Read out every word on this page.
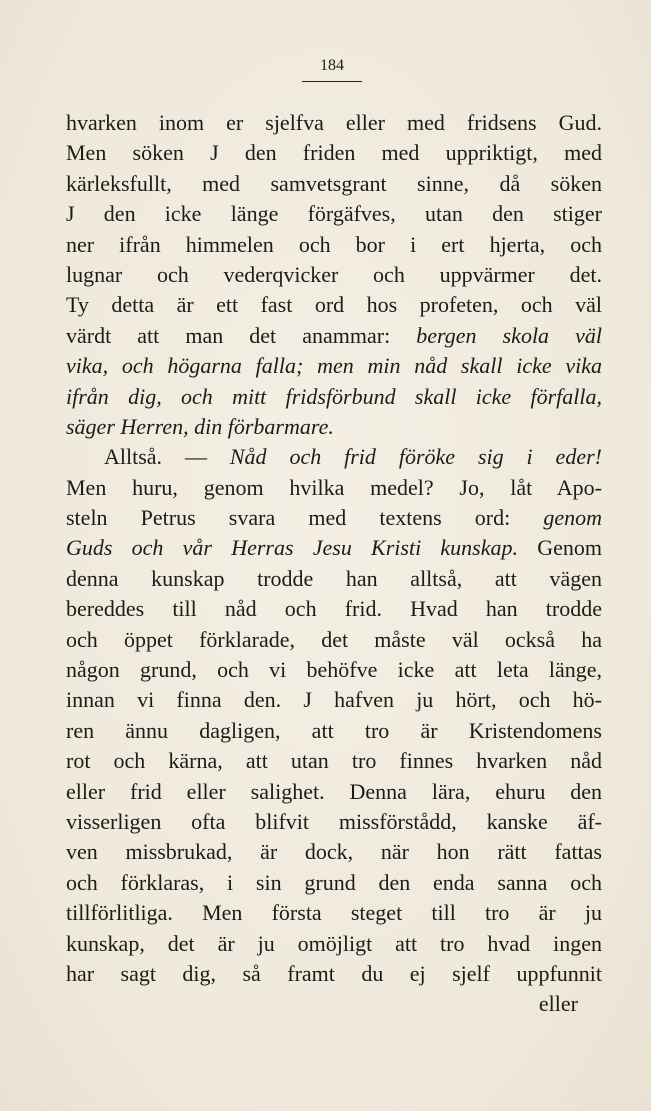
184
hvarken inom er sjelfva eller med fridsens Gud.
Men söken J den friden med uppriktigt, med
kärleksfullt, med samvetsgrant sinne, då söken
J den icke länge förgäfves, utan den stiger
ner ifrån himmelen och bor i ert hjerta, och
lugnar och vederqvicker och uppvärmer det.
Ty detta är ett fast ord hos profeten, och väl
värdt att man det anammar: bergen skola väl
vika, och högarna falla; men min nåd skall icke vika
ifrån dig, och mitt fridsförbund skall icke förfalla,
säger Herren, din förbarmare.
Alltså. — Nåd och frid föröke sig i eder!
Men huru, genom hvilka medel? Jo, låt Apo-
steln Petrus svara med textens ord: genom
Guds och vår Herras Jesu Kristi kunskap. Genom
denna kunskap trodde han alltså, att vägen
bereddes till nåd och frid. Hvad han trodde
och öppet förklarade, det måste väl också ha
någon grund, och vi behöfve icke att leta länge,
innan vi finna den. J hafven ju hört, och hö-
ren ännu dagligen, att tro är Kristendomens
rot och kärna, att utan tro finnes hvarken nåd
eller frid eller salighet. Denna lära, ehuru den
visserligen ofta blifvit missförstådd, kanske äf-
ven missbrukad, är dock, när hon rätt fattas
och förklaras, i sin grund den enda sanna och
tillförlitliga. Men första steget till tro är ju
kunskap, det är ju omöjligt att tro hvad ingen
har sagt dig, så framt du ej sjelf uppfunnit
eller
